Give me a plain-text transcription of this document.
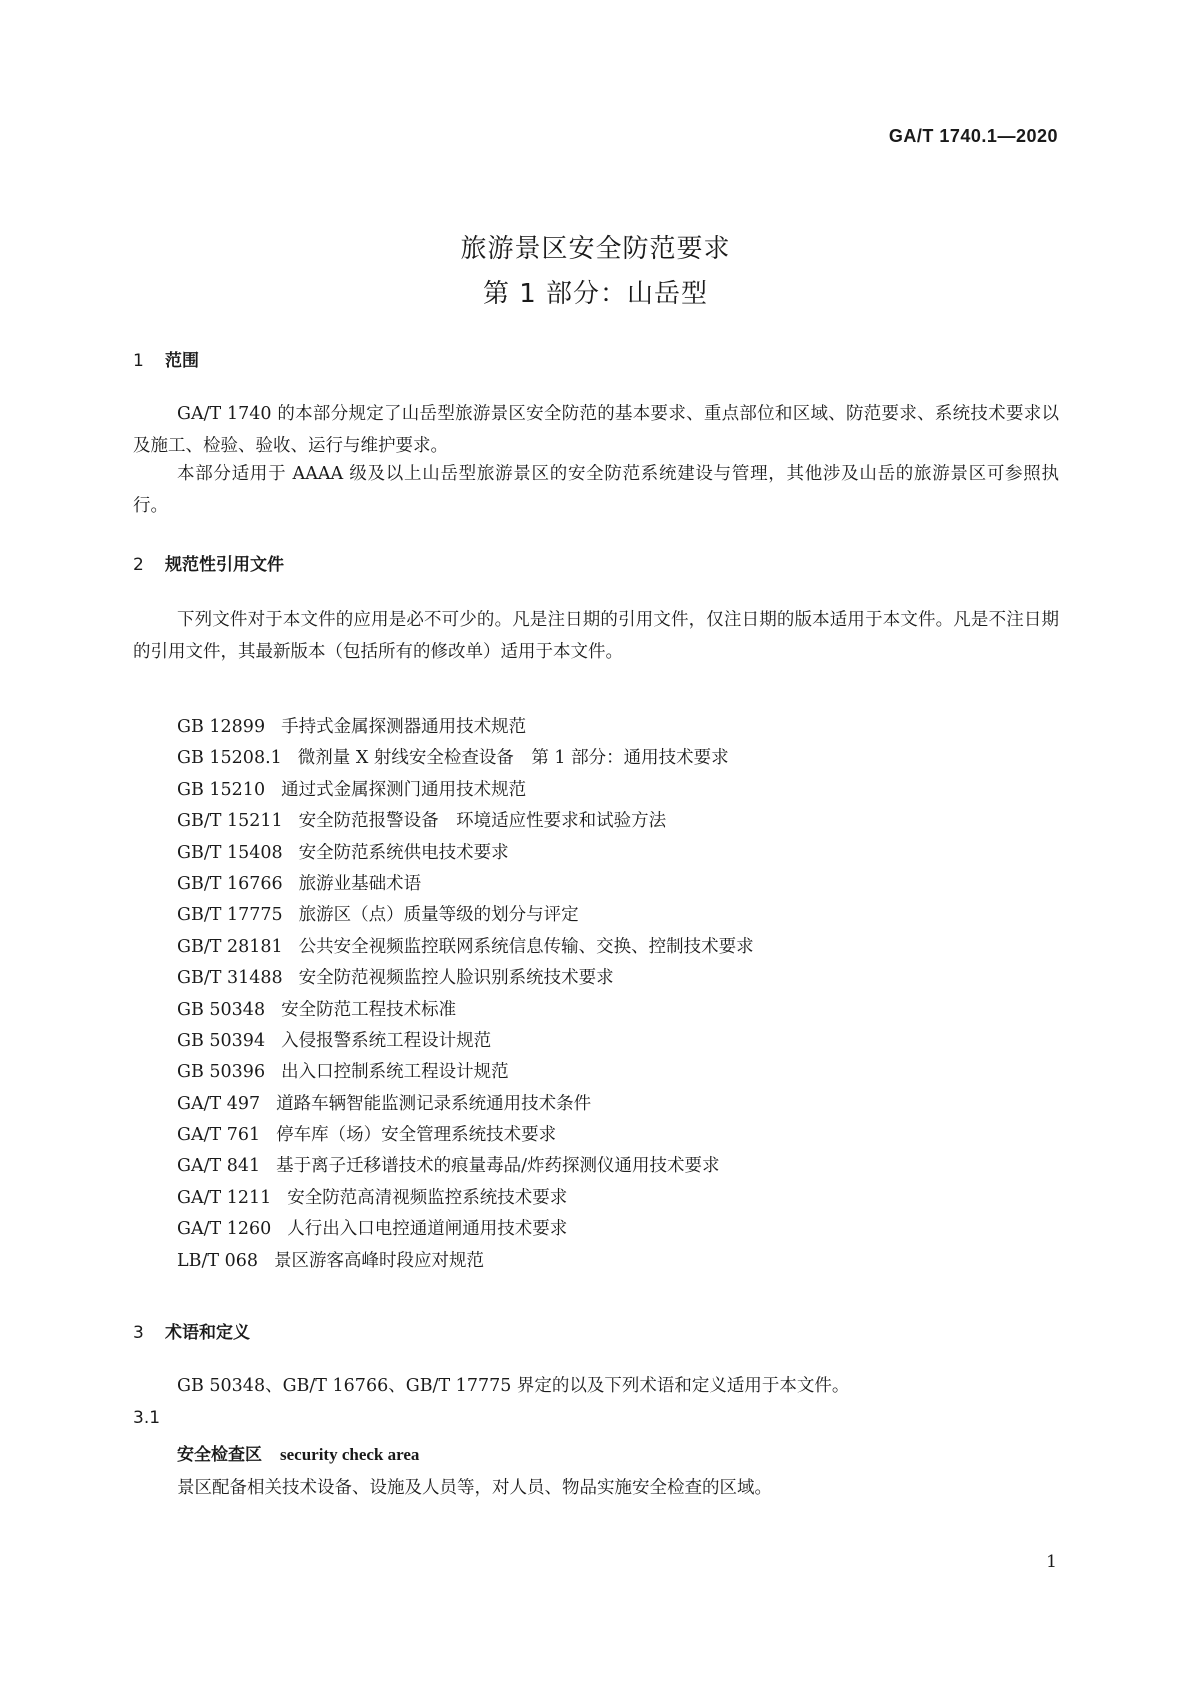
GA/T 1740.1—2020
旅游景区安全防范要求
第 1 部分：山岳型
1 范围
GA/T 1740 的本部分规定了山岳型旅游景区安全防范的基本要求、重点部位和区域、防范要求、系统技术要求以及施工、检验、验收、运行与维护要求。
本部分适用于 AAAA 级及以上山岳型旅游景区的安全防范系统建设与管理，其他涉及山岳的旅游景区可参照执行。
2 规范性引用文件
下列文件对于本文件的应用是必不可少的。凡是注日期的引用文件，仅注日期的版本适用于本文件。凡是不注日期的引用文件，其最新版本（包括所有的修改单）适用于本文件。
GB 12899 手持式金属探测器通用技术规范
GB 15208.1 微剂量 X 射线安全检查设备　第 1 部分：通用技术要求
GB 15210 通过式金属探测门通用技术规范
GB/T 15211 安全防范报警设备　环境适应性要求和试验方法
GB/T 15408 安全防范系统供电技术要求
GB/T 16766 旅游业基础术语
GB/T 17775 旅游区（点）质量等级的划分与评定
GB/T 28181 公共安全视频监控联网系统信息传输、交换、控制技术要求
GB/T 31488 安全防范视频监控人脸识别系统技术要求
GB 50348 安全防范工程技术标准
GB 50394 入侵报警系统工程设计规范
GB 50396 出入口控制系统工程设计规范
GA/T 497 道路车辆智能监测记录系统通用技术条件
GA/T 761 停车库（场）安全管理系统技术要求
GA/T 841 基于离子迁移谱技术的痕量毒品/炸药探测仪通用技术要求
GA/T 1211 安全防范高清视频监控系统技术要求
GA/T 1260 人行出入口电控通道闸通用技术要求
LB/T 068 景区游客高峰时段应对规范
3 术语和定义
GB 50348、GB/T 16766、GB/T 17775 界定的以及下列术语和定义适用于本文件。
3.1
安全检查区 security check area
景区配备相关技术设备、设施及人员等，对人员、物品实施安全检查的区域。
1
